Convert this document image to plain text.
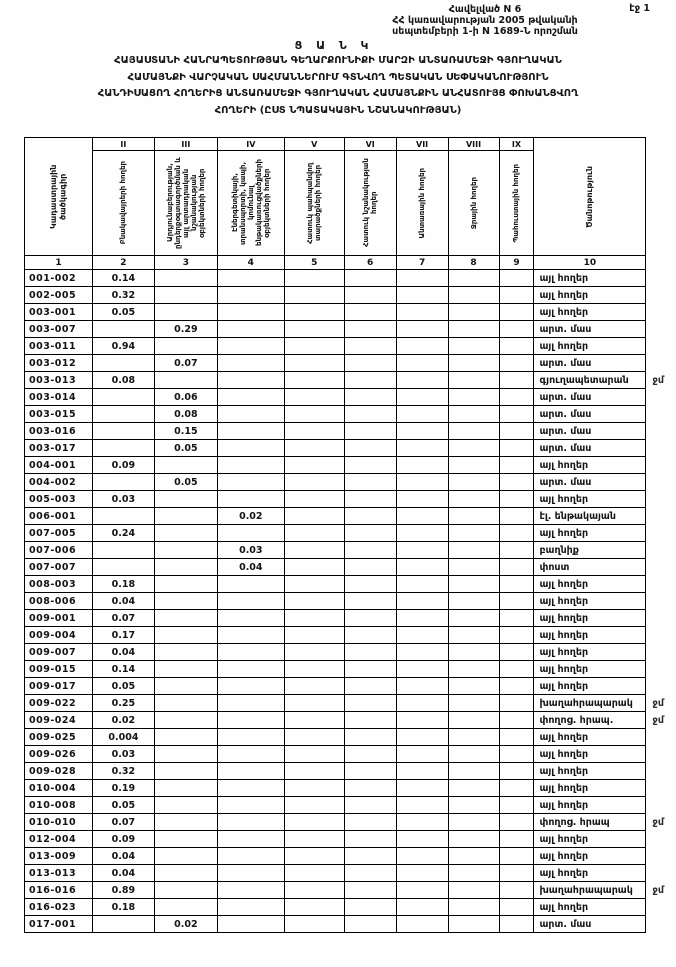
Հավելված N 6
ՀՀ կառավարության 2005 թվականի
սեպտեմբերի 1-ի N 1689-Ն որոշման
էջ 1
Ց Ա Ն Կ
ՀԱՅԱՍՏԱՆԻ ՀԱՆՐԱՊԵՏՈՒԹՅԱՆ ԳԵՂԱՐՔՈՒՆԻՔԻ ՄԱՐԶԻ ԱՆՏԱՌԱՄԵՋԻ ԳՅՈՒՂԱԿԱՆ
ՀԱՄԱՅՆՔԻ ՎԱՐՉԱԿԱՆ ՍԱՀՄԱՆՆԵՐՈՒՄ ԳՏՆՎՈՂ ՊԵՏԱԿԱՆ ՍԵՓԱԿԱՆՈՒԹՅՈՒՆ
ՀԱՆԴԻՍԱՑՈՂ ՀՈՂԵՐԻՑ ԱՆՏԱՌԱՄԵՋԻ ԳՅՈՒՂԱԿԱՆ ՀԱՄԱՅՆՔԻՆ ԱՆՀԱՏՈՒՅՑ ՓՈԽԱՆՑՎՈՂ
ՀՈՂԵՐԻ (ԸՍՏ ՆՊԱՏԱԿԱՅԻՆ ՆՇԱՆԱԿՈՒԹՅԱՆ)
Կադաստրային ծածկագիր	II	III	IV	V	VI	VII	VIII	IX	Ծանոթություն	

	Բնակավայրերի հողեր	Արդյունաբերության, ընդերքօգտագործման և այլ արտադրական նշանակության օբյեկտների հողեր	Էներգետիկայի, տրանսպորտի, կապի, կոմունալ ենթակառուցվածքների օբյեկտների հողեր	Հատուկ պահպանվող տարածքների հողեր	Հատուկ նշանակության հողեր	Անտառային հողեր	Ջրային հողեր	Պահուստային հողեր		

1	2	3	4	5	6	7	8	9	10	
001-002	0.14								այլ հողեր	
002-005	0.32								այլ հողեր	
003-001	0.05								այլ հողեր	
003-007		0.29							արտ. մաս	
003-011	0.94								այլ հողեր	
003-012		0.07							արտ. մաս	
003-013	0.08								գյուղապետարան	ջմ
003-014		0.06							արտ. մաս	
003-015		0.08							արտ. մաս	
003-016		0.15							արտ. մաս	
003-017		0.05							արտ. մաս	
004-001	0.09								այլ հողեր	
004-002		0.05							արտ. մաս	
005-003	0.03								այլ հողեր	
006-001			0.02						էլ. ենթակայան	
007-005	0.24								այլ հողեր	
007-006			0.03						բաղնիք	
007-007			0.04						փոստ	
008-003	0.18								այլ հողեր	
008-006	0.04								այլ հողեր	
009-001	0.07								այլ հողեր	
009-004	0.17								այլ հողեր	
009-007	0.04								այլ հողեր	
009-015	0.14								այլ հողեր	
009-017	0.05								այլ հողեր	
009-022	0.25								խաղահրապարակ	ջմ
009-024	0.02								փողոց. հրապ.	ջմ
009-025	0.004								այլ հողեր	
009-026	0.03								այլ հողեր	
009-028	0.32								այլ հողեր	
010-004	0.19								այլ հողեր	
010-008	0.05								այլ հողեր	
010-010	0.07								փողոց. հրապ	ջմ
012-004	0.09								այլ հողեր	
013-009	0.04								այլ հողեր	
013-013	0.04								այլ հողեր	
016-016	0.89								խաղահրապարակ	ջմ
016-023	0.18								այլ հողեր	
017-001		0.02							արտ. մաս	
